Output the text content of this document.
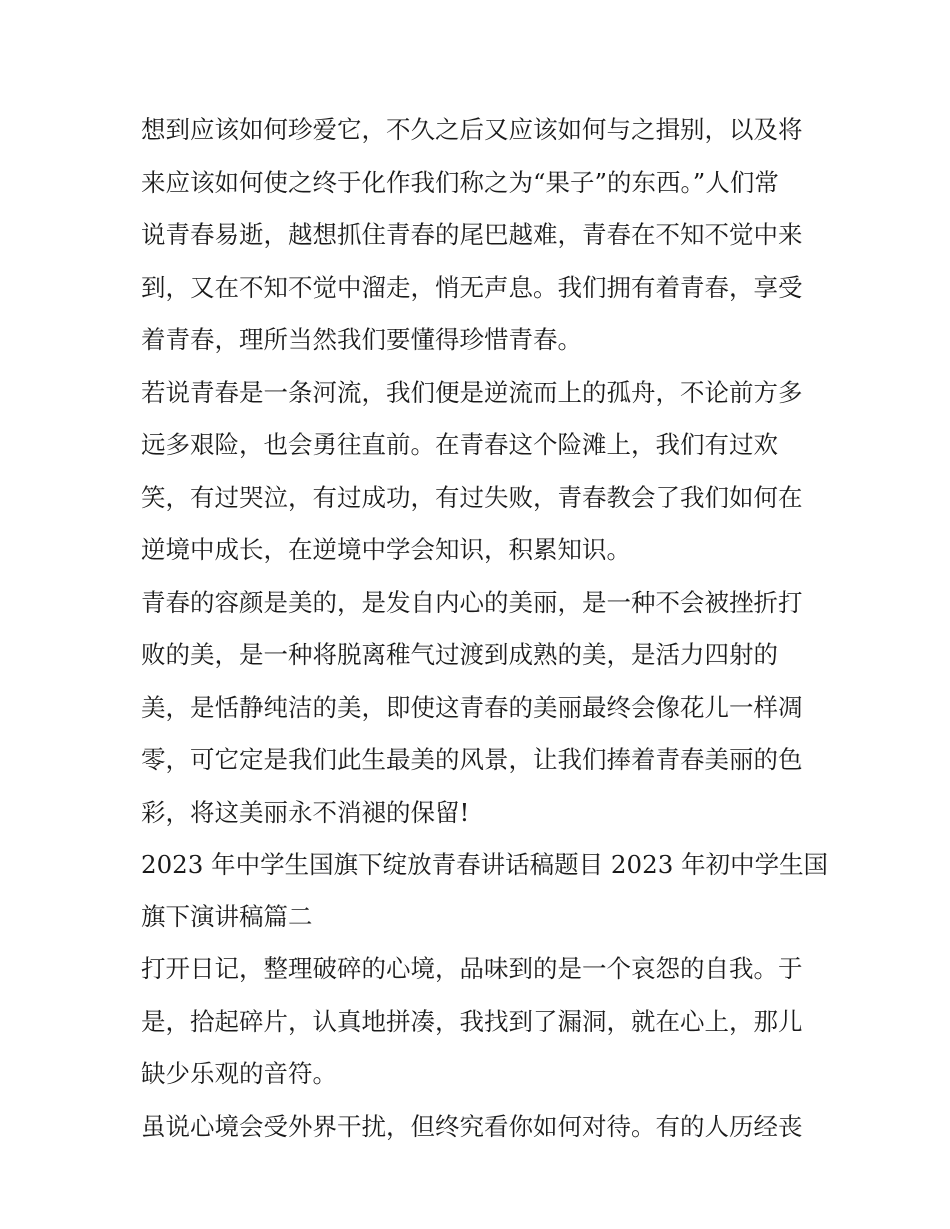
想到应该如何珍爱它，不久之后又应该如何与之揖别，以及将
来应该如何使之终于化作我们称之为“果子”的东西。”人们常
说青春易逝，越想抓住青春的尾巴越难，青春在不知不觉中来
到，又在不知不觉中溜走，悄无声息。我们拥有着青春，享受
着青春，理所当然我们要懂得珍惜青春。

若说青春是一条河流，我们便是逆流而上的孤舟，不论前方多
远多艰险，也会勇往直前。在青春这个险滩上，我们有过欢
笑，有过哭泣，有过成功，有过失败，青春教会了我们如何在
逆境中成长，在逆境中学会知识，积累知识。

青春的容颜是美的，是发自内心的美丽，是一种不会被挫折打
败的美，是一种将脱离稚气过渡到成熟的美，是活力四射的
美，是恬静纯洁的美，即使这青春的美丽最终会像花儿一样凋
零，可它定是我们此生最美的风景，让我们捧着青春美丽的色
彩，将这美丽永不消褪的保留!

2023 年中学生国旗下绽放青春讲话稿题目 2023 年初中学生国
旗下演讲稿篇二

打开日记，整理破碎的心境，品味到的是一个哀怨的自我。于
是，拾起碎片，认真地拼凑，我找到了漏洞，就在心上，那儿
缺少乐观的音符。

虽说心境会受外界干扰，但终究看你如何对待。有的人历经丧
